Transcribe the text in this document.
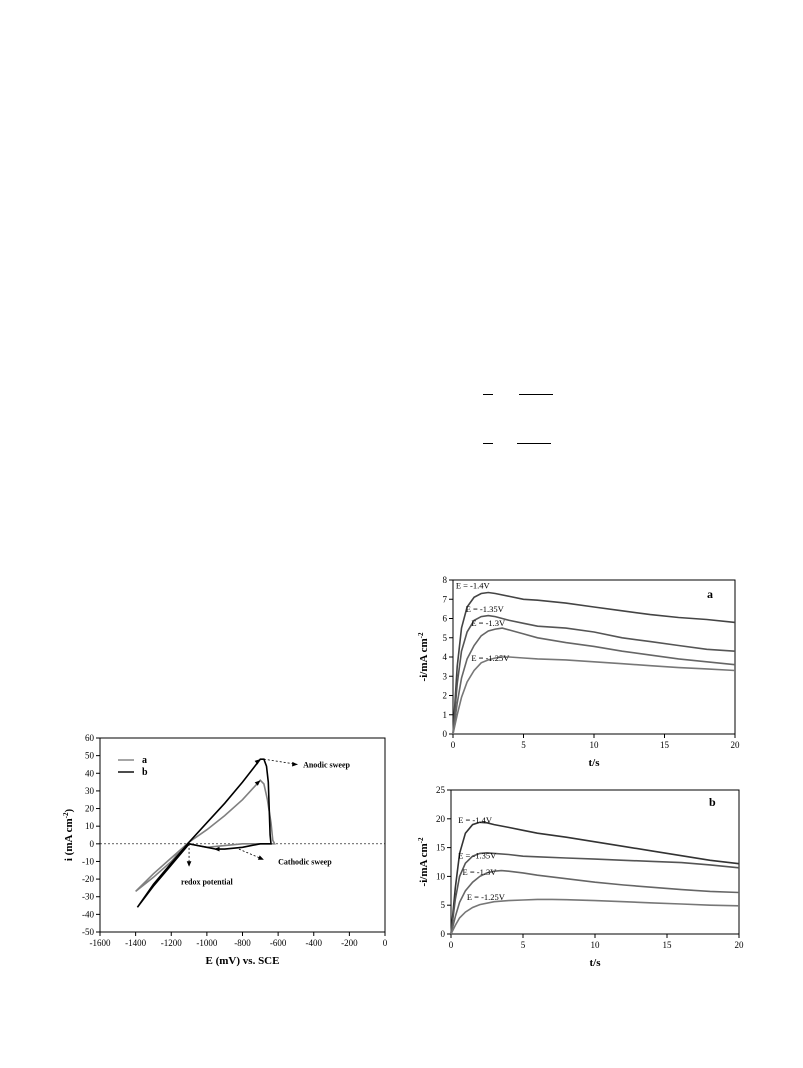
-1600 -1400 -1200 -1000 -800 -600 -400 -200	0
-50
-40
-30
-20
-10
0
10
20
30
40
50
60
E (mV) vs. SCE
i (mA $cm^{-2}$)
a
b
Anodic sweep
Cathodic sweep
redox potential
0	5	10	15	20
0
1
2
3
4
5
6
7
8
t/s
-i/mA $cm^{-2}$
E = -1.4V
E = -1.35V
E = -1.3V
E = -1.25V
a
0	5	10	15	20
0
5
10
15
20
25
t/s
-i/mA $cm^{-2}$
E = -1.4V
E = -1.35V
E = -1.3V
E = -1.25V
b
